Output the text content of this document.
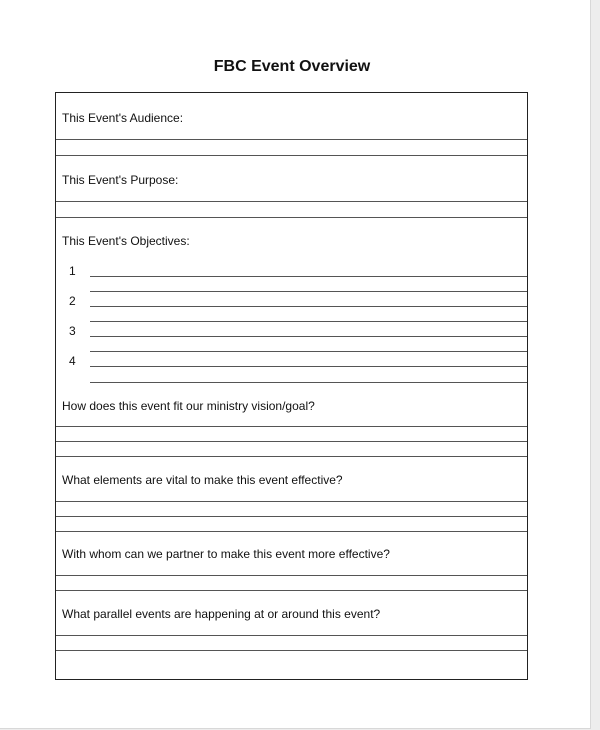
FBC Event Overview
This Event's Audience:
This Event's Purpose:
This Event's Objectives:
1
2
3
4
How does this event fit our ministry vision/goal?
What elements are vital to make this event effective?
With whom can we partner to make this event more effective?
What parallel events are happening at or around this event?
